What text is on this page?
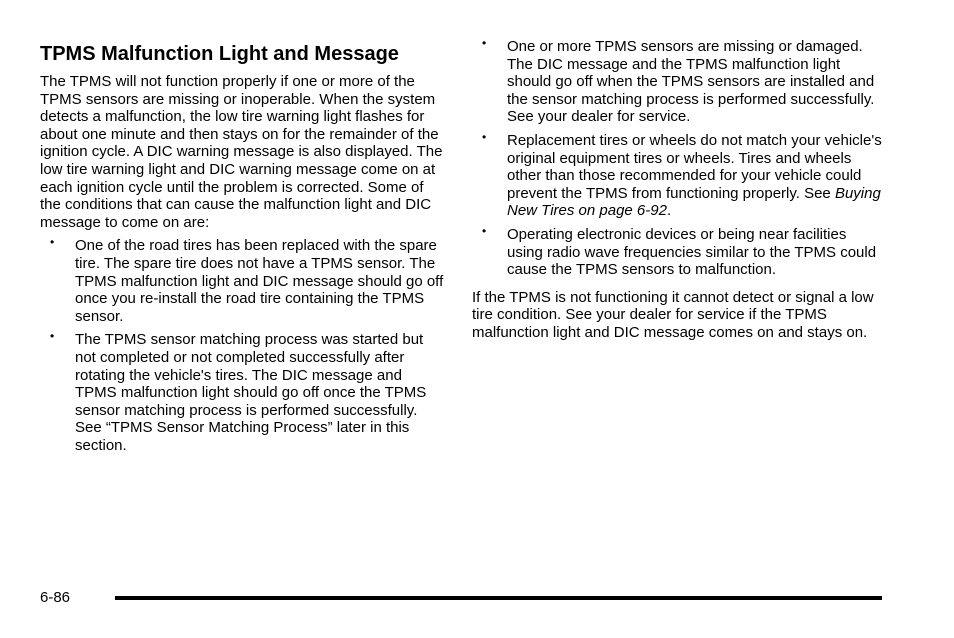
TPMS Malfunction Light and Message

The TPMS will not function properly if one or more of the TPMS sensors are missing or inoperable. When the system detects a malfunction, the low tire warning light flashes for about one minute and then stays on for the remainder of the ignition cycle. A DIC warning message is also displayed. The low tire warning light and DIC warning message come on at each ignition cycle until the problem is corrected. Some of the conditions that can cause the malfunction light and DIC message to come on are:

• One of the road tires has been replaced with the spare tire. The spare tire does not have a TPMS sensor. The TPMS malfunction light and DIC message should go off once you re-install the road tire containing the TPMS sensor.
• The TPMS sensor matching process was started but not completed or not completed successfully after rotating the vehicle's tires. The DIC message and TPMS malfunction light should go off once the TPMS sensor matching process is performed successfully. See “TPMS Sensor Matching Process” later in this section.
• One or more TPMS sensors are missing or damaged. The DIC message and the TPMS malfunction light should go off when the TPMS sensors are installed and the sensor matching process is performed successfully. See your dealer for service.
• Replacement tires or wheels do not match your vehicle's original equipment tires or wheels. Tires and wheels other than those recommended for your vehicle could prevent the TPMS from functioning properly. See Buying New Tires on page 6‑92.
• Operating electronic devices or being near facilities using radio wave frequencies similar to the TPMS could cause the TPMS sensors to malfunction.

If the TPMS is not functioning it cannot detect or signal a low tire condition. See your dealer for service if the TPMS malfunction light and DIC message comes on and stays on.

6-86
